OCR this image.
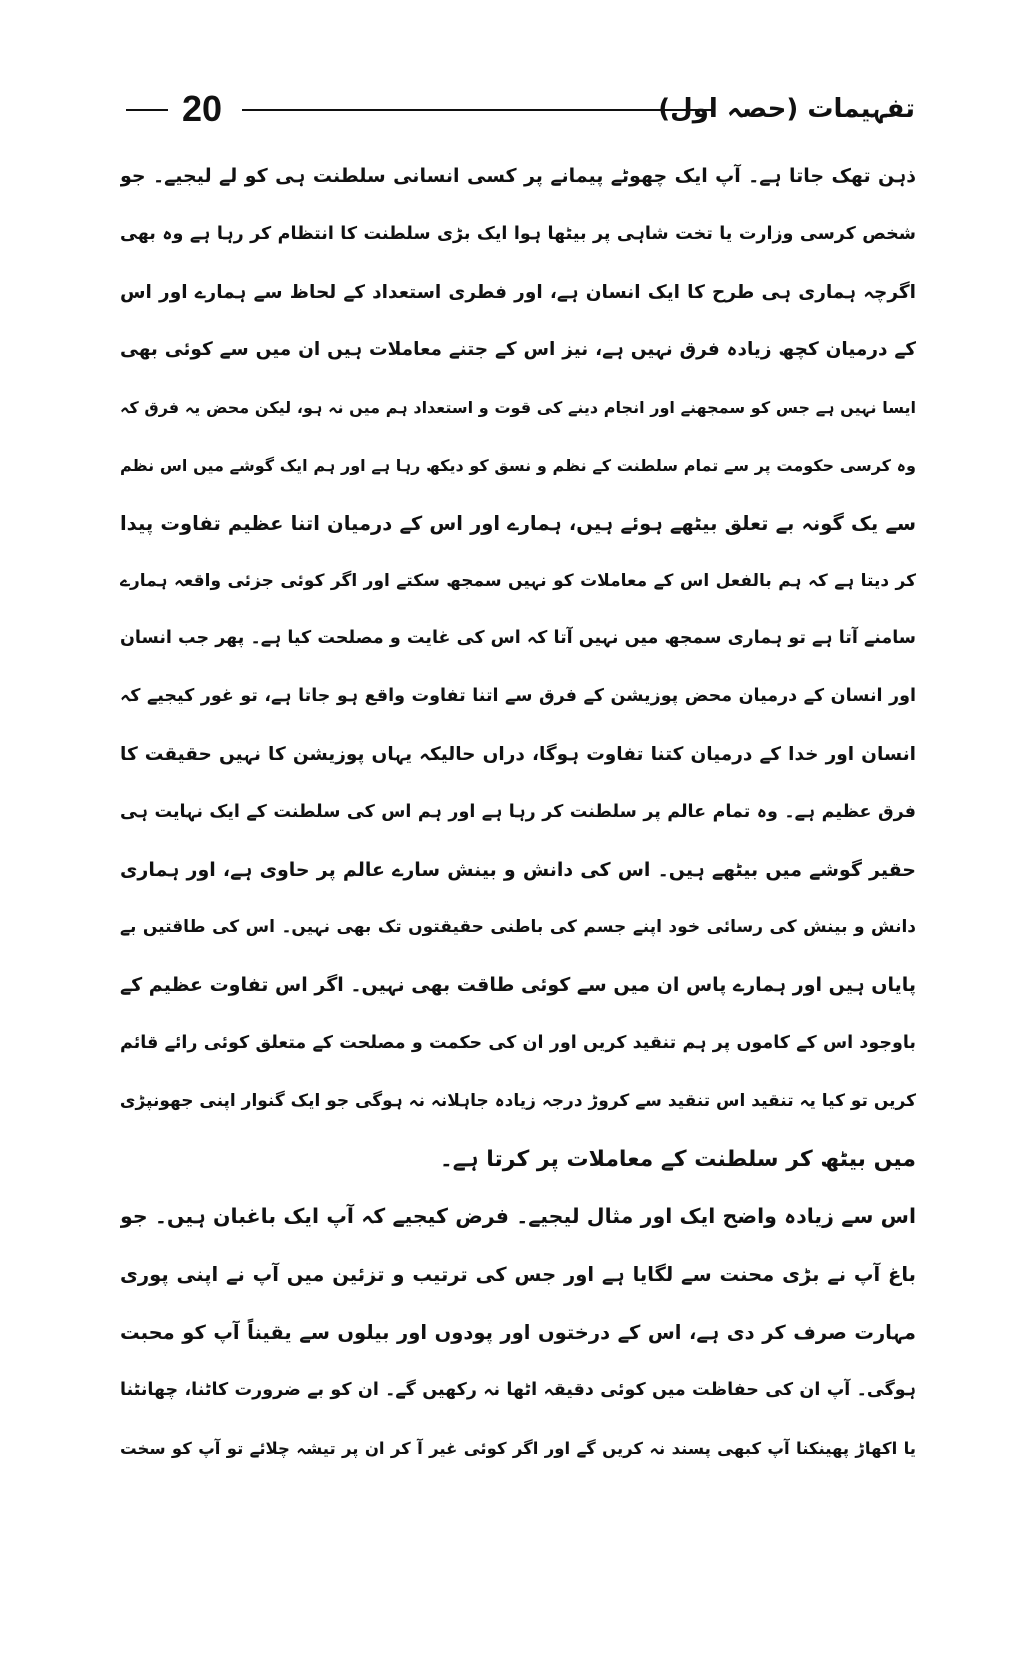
20	تفہیمات (حصہ اول)
ذہن تھک جاتا ہے۔ آپ ایک چھوٹے پیمانے پر کسی انسانی سلطنت ہی کو لے لیجیے۔ جو
شخص کرسی وزارت یا تخت شاہی پر بیٹھا ہوا ایک بڑی سلطنت کا انتظام کر رہا ہے وہ بھی
اگرچہ ہماری ہی طرح کا ایک انسان ہے، اور فطری استعداد کے لحاظ سے ہمارے اور اس
کے درمیان کچھ زیادہ فرق نہیں ہے، نیز اس کے جتنے معاملات ہیں ان میں سے کوئی بھی
ایسا نہیں ہے جس کو سمجھنے اور انجام دینے کی قوت و استعداد ہم میں نہ ہو، لیکن محض یہ فرق کہ
وہ کرسی حکومت پر سے تمام سلطنت کے نظم و نسق کو دیکھ رہا ہے اور ہم ایک گوشے میں اس نظم
سے یک گونہ بے تعلق بیٹھے ہوئے ہیں، ہمارے اور اس کے درمیان اتنا عظیم تفاوت پیدا
کر دیتا ہے کہ ہم بالفعل اس کے معاملات کو نہیں سمجھ سکتے اور اگر کوئی جزئی واقعہ ہمارے
سامنے آتا ہے تو ہماری سمجھ میں نہیں آتا کہ اس کی غایت و مصلحت کیا ہے۔ پھر جب انسان
اور انسان کے درمیان محض پوزیشن کے فرق سے اتنا تفاوت واقع ہو جاتا ہے، تو غور کیجیے کہ
انسان اور خدا کے درمیان کتنا تفاوت ہوگا، دراں حالیکہ یہاں پوزیشن کا نہیں حقیقت کا
فرق عظیم ہے۔ وہ تمام عالم پر سلطنت کر رہا ہے اور ہم اس کی سلطنت کے ایک نہایت ہی
حقیر گوشے میں بیٹھے ہیں۔ اس کی دانش و بینش سارے عالم پر حاوی ہے، اور ہماری
دانش و بینش کی رسائی خود اپنے جسم کی باطنی حقیقتوں تک بھی نہیں۔ اس کی طاقتیں بے
پایاں ہیں اور ہمارے پاس ان میں سے کوئی طاقت بھی نہیں۔ اگر اس تفاوت عظیم کے
باوجود اس کے کاموں پر ہم تنقید کریں اور ان کی حکمت و مصلحت کے متعلق کوئی رائے قائم
کریں تو کیا یہ تنقید اس تنقید سے کروڑ درجہ زیادہ جاہلانہ نہ ہوگی جو ایک گنوار اپنی جھونپڑی
میں بیٹھ کر سلطنت کے معاملات پر کرتا ہے۔
اس سے زیادہ واضح ایک اور مثال لیجیے۔ فرض کیجیے کہ آپ ایک باغبان ہیں۔ جو
باغ آپ نے بڑی محنت سے لگایا ہے اور جس کی ترتیب و تزئین میں آپ نے اپنی پوری
مہارت صرف کر دی ہے، اس کے درختوں اور پودوں اور بیلوں سے یقیناً آپ کو محبت
ہوگی۔ آپ ان کی حفاظت میں کوئی دقیقہ اٹھا نہ رکھیں گے۔ ان کو بے ضرورت کاٹنا، چھانٹنا
یا اکھاڑ پھینکنا آپ کبھی پسند نہ کریں گے اور اگر کوئی غیر آ کر ان پر تیشہ چلائے تو آپ کو سخت
